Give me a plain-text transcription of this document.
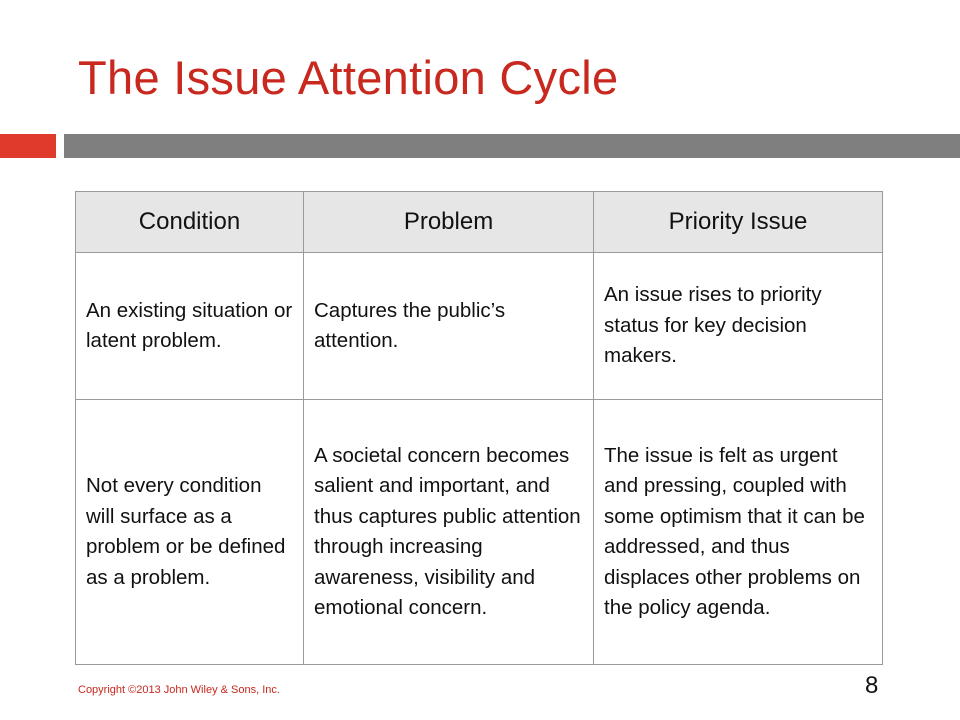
The Issue Attention Cycle
Condition	Problem	Priority Issue
An existing situation or latent problem.	Captures the public’s attention.	An issue rises to priority status for key decision makers.
Not every condition will surface as a problem or be defined as a problem.	A societal concern becomes salient and important, and thus captures public attention through increasing awareness, visibility and emotional concern.	The issue is felt as urgent and pressing, coupled with some optimism that it can be addressed, and thus displaces other problems on the policy agenda.
Copyright ©2013 John Wiley & Sons, Inc.	8
